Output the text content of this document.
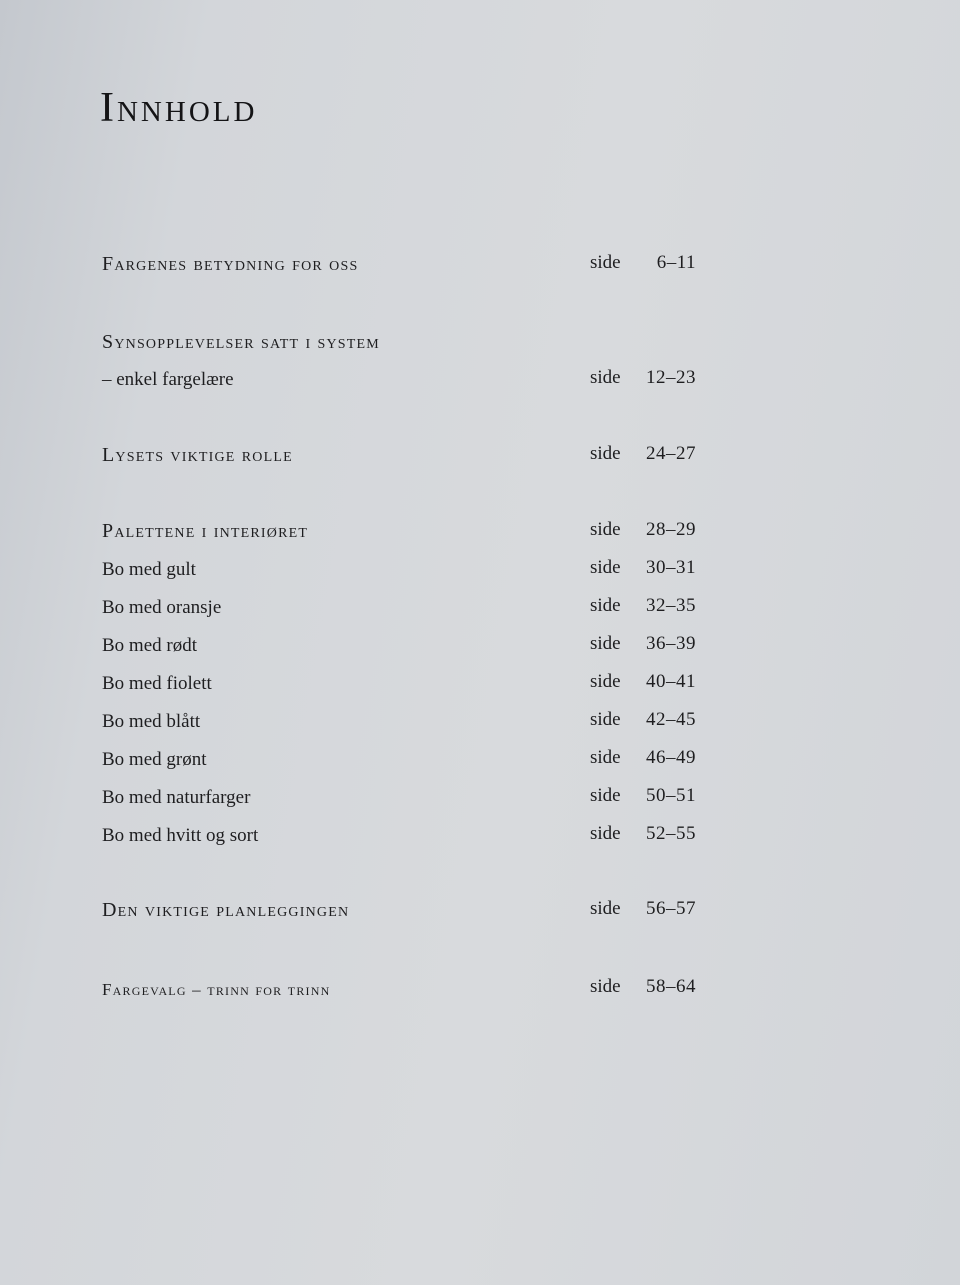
Innhold
Fargenes betydning for oss	side 6–11
Synsopplevelser satt i system
– enkel fargelære	side 12–23
Lysets viktige rolle	side 24–27
Palettene i interiøret	side 28–29
Bo med gult	side 30–31
Bo med oransje	side 32–35
Bo med rødt	side 36–39
Bo med fiolett	side 40–41
Bo med blått	side 42–45
Bo med grønt	side 46–49
Bo med naturfarger	side 50–51
Bo med hvitt og sort	side 52–55
Den viktige planleggingen	side 56–57
Fargevalg – trinn for trinn	side 58–64
